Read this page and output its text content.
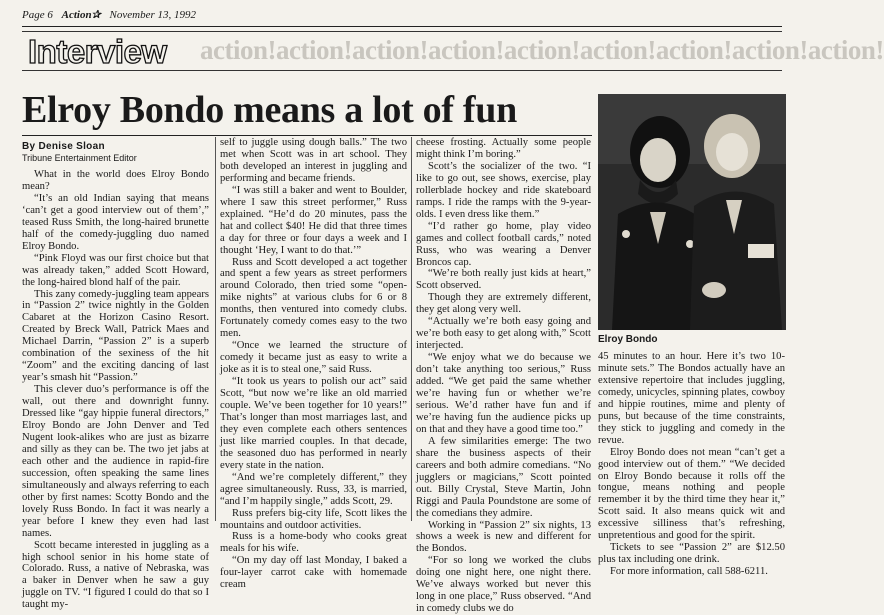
Page 6 Action✰ November 13, 1992
Interview action!action!action!action!action!action!action!action!action!
Elroy Bondo means a lot of fun
By Denise Sloan
Tribune Entertainment Editor

What in the world does Elroy Bondo mean?

“It’s an old Indian saying that means ‘can’t get a good interview out of them’,” teased Russ Smith, the long-haired brunette half of the comedy-juggling duo named Elroy Bondo.

“Pink Floyd was our first choice but that was already taken,” added Scott Howard, the long-haired blond half of the pair.

This zany comedy-juggling team appears in “Passion 2” twice nightly in the Golden Cabaret at the Horizon Casino Resort. Created by Breck Wall, Patrick Maes and Michael Darrin, “Passion 2” is a superb combination of the sexiness of the hit “Zoom” and the exciting dancing of last year’s smash hit “Passion.”

This clever duo’s performance is off the wall, out there and downright funny. Dressed like “gay hippie funeral directors,” Elroy Bondo are John Denver and Ted Nugent look-alikes who are just as bizarre and silly as they can be. The two jet jabs at each other and the audience in rapid-fire succession, often speaking the same lines simultaneously and always referring to each other by first names: Scotty Bondo and the lovely Russ Bondo. In fact it was nearly a year before I knew they even had last names.

Scott became interested in juggling as a high school senior in his home state of Colorado. Russ, a native of Nebraska, was a baker in Denver when he saw a guy juggle on TV. “I figured I could do that so I taught my-

self to juggle using dough balls.” The two met when Scott was in art school. They both developed an interest in juggling and performing and became friends.

“I was still a baker and went to Boulder, where I saw this street performer,” Russ explained. “He’d do 20 minutes, pass the hat and collect $40! He did that three times a day for three or four days a week and I thought ‘Hey, I want to do that.’”

Russ and Scott developed a act together and spent a few years as street performers around Colorado, then tried some “open-mike nights” at various clubs for 6 or 8 months, then ventured into comedy clubs. Fortunately comedy comes easy to the two men.

“Once we learned the structure of comedy it became just as easy to write a joke as it is to steal one,” said Russ.

“It took us years to polish our act” said Scott, “but now we’re like an old married couple. We’ve been together for 10 years!” That’s longer than most marriages last, and they even complete each others sentences just like married couples. In that decade, the seasoned duo has performed in nearly every state in the nation.

“And we’re completely different,” they agree simultaneously. Russ, 33, is married, “and I’m happily single,” adds Scott, 29.

Russ prefers big-city life, Scott likes the mountains and outdoor activities.

Russ is a home-body who cooks great meals for his wife.

“On my day off last Monday, I baked a four-layer carrot cake with homemade cream

cheese frosting. Actually some people might think I’m boring.”

Scott’s the socializer of the two. “I like to go out, see shows, exercise, play rollerblade hockey and ride skateboard ramps. I ride the ramps with the 9-year-olds. I even dress like them.”

“I’d rather go home, play video games and collect football cards,” noted Russ, who was wearing a Denver Broncos cap.

“We’re both really just kids at heart,” Scott observed.

Though they are extremely different, they get along very well.

“Actually we’re both easy going and we’re both easy to get along with,” Scott interjected.

“We enjoy what we do because we don’t take anything too serious,” Russ added. “We get paid the same whether we’re having fun or whether we’re serious. We’d rather have fun and if we’re having fun the audience picks up on that and they have a good time too.”

A few similarities emerge: The two share the business aspects of their careers and both admire comedians. “No jugglers or magicians,” Scott pointed out. Billy Crystal, Steve Martin, John Riggi and Paula Poundstone are some of the comedians they admire.

Working in “Passion 2” six nights, 13 shows a week is new and different for the Bondos.

“For so long we worked the clubs doing one night here, one night there. We’ve always worked but never this long in one place,” Russ observed. “And in comedy clubs we do

Elroy Bondo

45 minutes to an hour. Here it’s two 10-minute sets.” The Bondos actually have an extensive repertoire that includes juggling, comedy, unicycles, spinning plates, cowboy and hippie routines, mime and plenty of puns, but because of the time constraints, they stick to juggling and comedy in the revue.

Elroy Bondo does not mean “can’t get a good interview out of them.” “We decided on Elroy Bondo because it rolls off the tongue, means nothing and people remember it by the third time they hear it,” Scott said. It also means quick wit and excessive silliness that’s refreshing, unpretentious and good for the spirit.

Tickets to see “Passion 2” are $12.50 plus tax including one drink.

For more information, call 588-6211.
